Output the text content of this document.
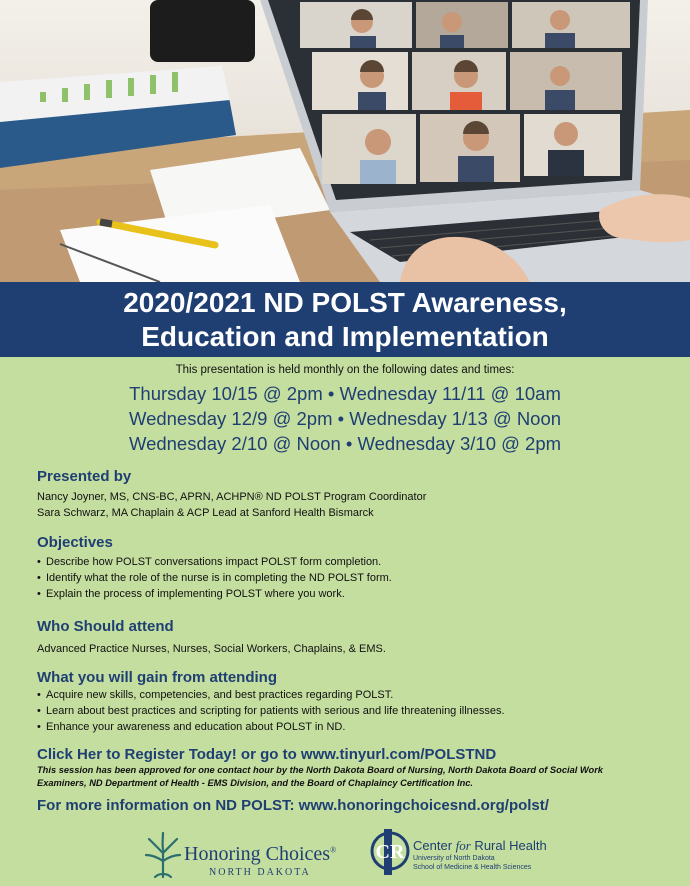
2020/2021 ND POLST Awareness,
Education and Implementation
This presentation is held monthly on the following dates and times:
Thursday 10/15 @ 2pm • Wednesday 11/11 @ 10am
Wednesday 12/9 @ 2pm • Wednesday 1/13 @ Noon
Wednesday 2/10 @ Noon • Wednesday 3/10 @ 2pm
Presented by
Nancy Joyner, MS, CNS-BC, APRN, ACHPN® ND POLST Program Coordinator
Sara Schwarz, MA Chaplain & ACP Lead at Sanford Health Bismarck
Objectives
• Describe how POLST conversations impact POLST form completion.
• Identify what the role of the nurse is in completing the ND POLST form.
• Explain the process of implementing POLST where you work.
Who Should attend
Advanced Practice Nurses, Nurses, Social Workers, Chaplains, & EMS.
What you will gain from attending
• Acquire new skills, competencies, and best practices regarding POLST.
• Learn about best practices and scripting for patients with serious and life threatening illnesses.
• Enhance your awareness and education about POLST in ND.
Click Her to Register Today! or go to www.tinyurl.com/POLSTND
This session has been approved for one contact hour by the North Dakota Board of Nursing, North Dakota Board of Social Work Examiners, ND Department of Health - EMS Division, and the Board of Chaplaincy Certification Inc.
For more information on ND POLST: www.honoringchoicesnd.org/polst/
Honoring Choices®
NORTH DAKOTA
CR Center for Rural Health
University of North Dakota
School of Medicine & Health Sciences
